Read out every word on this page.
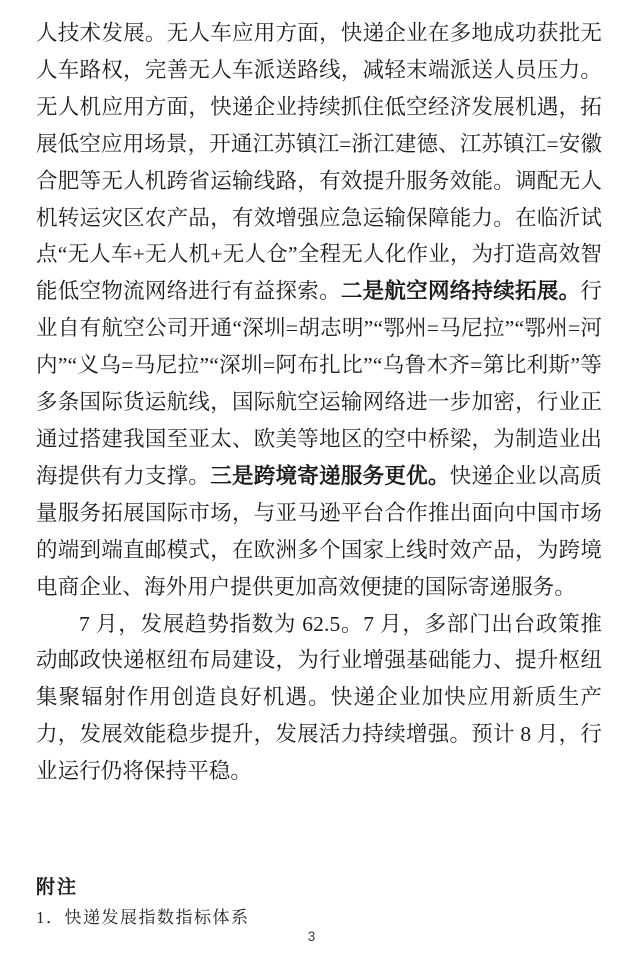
人技术发展。无人车应用方面，快递企业在多地成功获批无人车路权，完善无人车派送路线，减轻末端派送人员压力。无人机应用方面，快递企业持续抓住低空经济发展机遇，拓展低空应用场景，开通江苏镇江=浙江建德、江苏镇江=安徽合肥等无人机跨省运输线路，有效提升服务效能。调配无人机转运灾区农产品，有效增强应急运输保障能力。在临沂试点“无人车+无人机+无人仓”全程无人化作业，为打造高效智能低空物流网络进行有益探索。二是航空网络持续拓展。行业自有航空公司开通“深圳=胡志明”“鄂州=马尼拉”“鄂州=河内”“义乌=马尼拉”“深圳=阿布扎比”“乌鲁木齐=第比利斯”等多条国际货运航线，国际航空运输网络进一步加密，行业正通过搭建我国至亚太、欧美等地区的空中桥梁，为制造业出海提供有力支撑。三是跨境寄递服务更优。快递企业以高质量服务拓展国际市场，与亚马逊平台合作推出面向中国市场的端到端直邮模式，在欧洲多个国家上线时效产品，为跨境电商企业、海外用户提供更加高效便捷的国际寄递服务。

7 月，发展趋势指数为 62.5。7 月，多部门出台政策推动邮政快递枢纽布局建设，为行业增强基础能力、提升枢纽集聚辐射作用创造良好机遇。快递企业加快应用新质生产力，发展效能稳步提升，发展活力持续增强。预计 8 月，行业运行仍将保持平稳。

附注
1．快递发展指数指标体系
3
